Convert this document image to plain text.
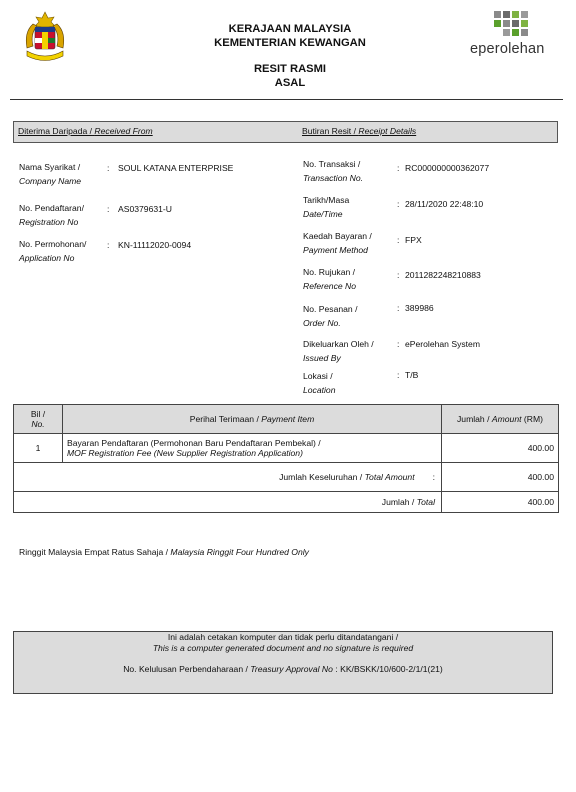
eperolehan
KERAJAAN MALAYSIA
KEMENTERIAN KEWANGAN
RESIT RASMI
ASAL
Diterima Daripada / Received From	Butiran Resit / Receipt Details
Nama Syarikat /
Company Name
: SOUL KATANA ENTERPRISE
No. Pendaftaran/
Registration No
: AS0379631-U
No. Permohonan/
Application No
: KN-11112020-0094
No. Transaksi /
Transaction No.
: RC000000000362077
Tarikh/Masa
Date/Time
: 28/11/2020 22:48:10
Kaedah Bayaran /
Payment Method
: FPX
No. Rujukan /
Reference No
: 2011282248210883
No. Pesanan /
Order No.
: 389986
Dikeluarkan Oleh /
Issued By
: ePerolehan System
Lokasi /
Location
: T/B
Bil /
No.	Perihal Terimaan / Payment Item	Jumlah / Amount (RM)
1	Bayaran Pendaftaran (Permohonan Baru Pendaftaran Pembekal) /
MOF Registration Fee (New Supplier Registration Application)	400.00
Jumlah Keseluruhan / Total Amount :		400.00
Jumlah / Total		400.00
Ringgit Malaysia Empat Ratus Sahaja / Malaysia Ringgit Four Hundred Only
Ini adalah cetakan komputer dan tidak perlu ditandatangani /
This is a computer generated document and no signature is required
No. Kelulusan Perbendaharaan / Treasury Approval No : KK/BSKK/10/600-2/1/1(21)
